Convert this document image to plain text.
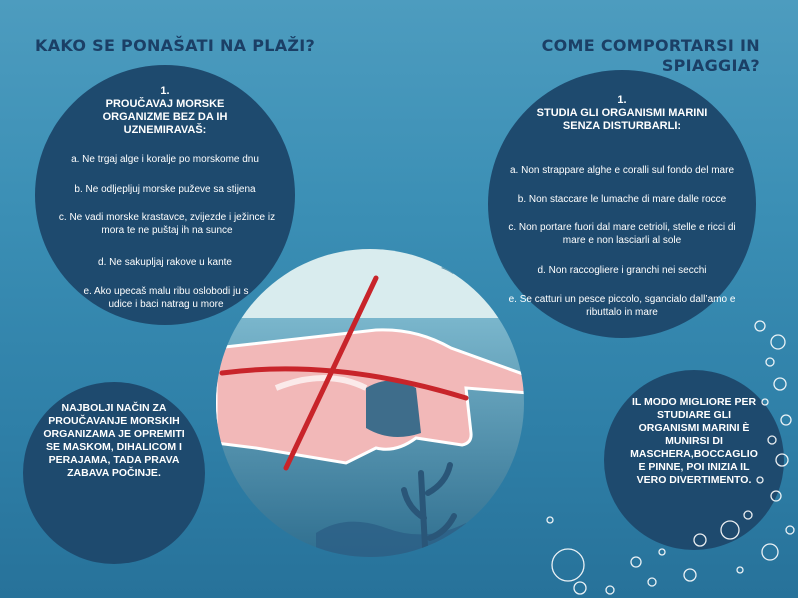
KAKO SE PONAŠATI NA PLAŽI?	COME COMPORTARSI IN SPIAGGIA?
1.
PROUČAVAJ MORSKE ORGANIZME BEZ DA IH UZNEMIRAVAŠ:
a. Ne trgaj alge i koralje po morskome dnu
b. Ne odljepljuj morske puževe sa stijena
c. Ne vadi morske krastavce, zvijezde i ježince iz mora te ne puštaj ih na sunce
d. Ne sakupljaj rakove u kante
e. Ako upecaš malu ribu oslobodi ju s udice i baci natrag u more
1.
STUDIA GLI ORGANISMI MARINI SENZA DISTURBARLI:
a. Non strappare alghe e coralli sul fondo del mare
b. Non staccare le lumache di mare dalle rocce
c. Non portare fuori dal mare cetrioli, stelle e ricci di mare e non lasciarli al sole
d. Non raccogliere i granchi nei secchi
e. Se catturi un pesce piccolo, sgancialo dall’amo e ributtalo in mare
NAJBOLJI NAČIN ZA PROUČAVANJE MORSKIH ORGANIZAMA JE OPREMITI SE MASKOM, DIHALICOM I PERAJAMA, TADA PRAVA ZABAVA POČINJE.
IL MODO MIGLIORE PER STUDIARE GLI ORGANISMI MARINI È MUNIRSI DI MASCHERA,BOCCAGLIO E PINNE, POI INIZIA IL VERO DIVERTIMENTO.
